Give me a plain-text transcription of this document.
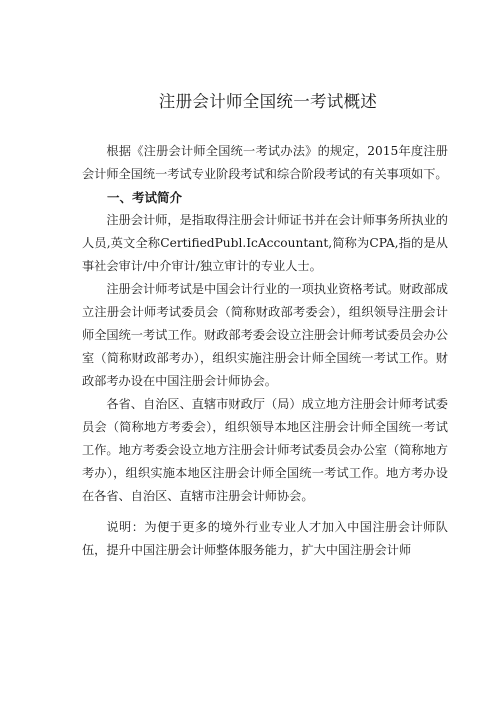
注册会计师全国统一考试概述

根据《注册会计师全国统一考试办法》的规定，2015年度注册会计师全国统一考试专业阶段考试和综合阶段考试的有关事项如下。

一、考试简介

注册会计师，是指取得注册会计师证书并在会计师事务所执业的人员,英文全称CertifiedPubl.IcAccountant,简称为CPA,指的是从事社会审计/中介审计/独立审计的专业人士。

注册会计师考试是中国会计行业的一项执业资格考试。财政部成立注册会计师考试委员会（简称财政部考委会），组织领导注册会计师全国统一考试工作。财政部考委会设立注册会计师考试委员会办公室（简称财政部考办），组织实施注册会计师全国统一考试工作。财政部考办设在中国注册会计师协会。

各省、自治区、直辖市财政厅（局）成立地方注册会计师考试委员会（简称地方考委会），组织领导本地区注册会计师全国统一考试工作。地方考委会设立地方注册会计师考试委员会办公室（简称地方考办），组织实施本地区注册会计师全国统一考试工作。地方考办设在各省、自治区、直辖市注册会计师协会。

说明：为便于更多的境外行业专业人才加入中国注册会计师队伍，提升中国注册会计师整体服务能力，扩大中国注册会计师
